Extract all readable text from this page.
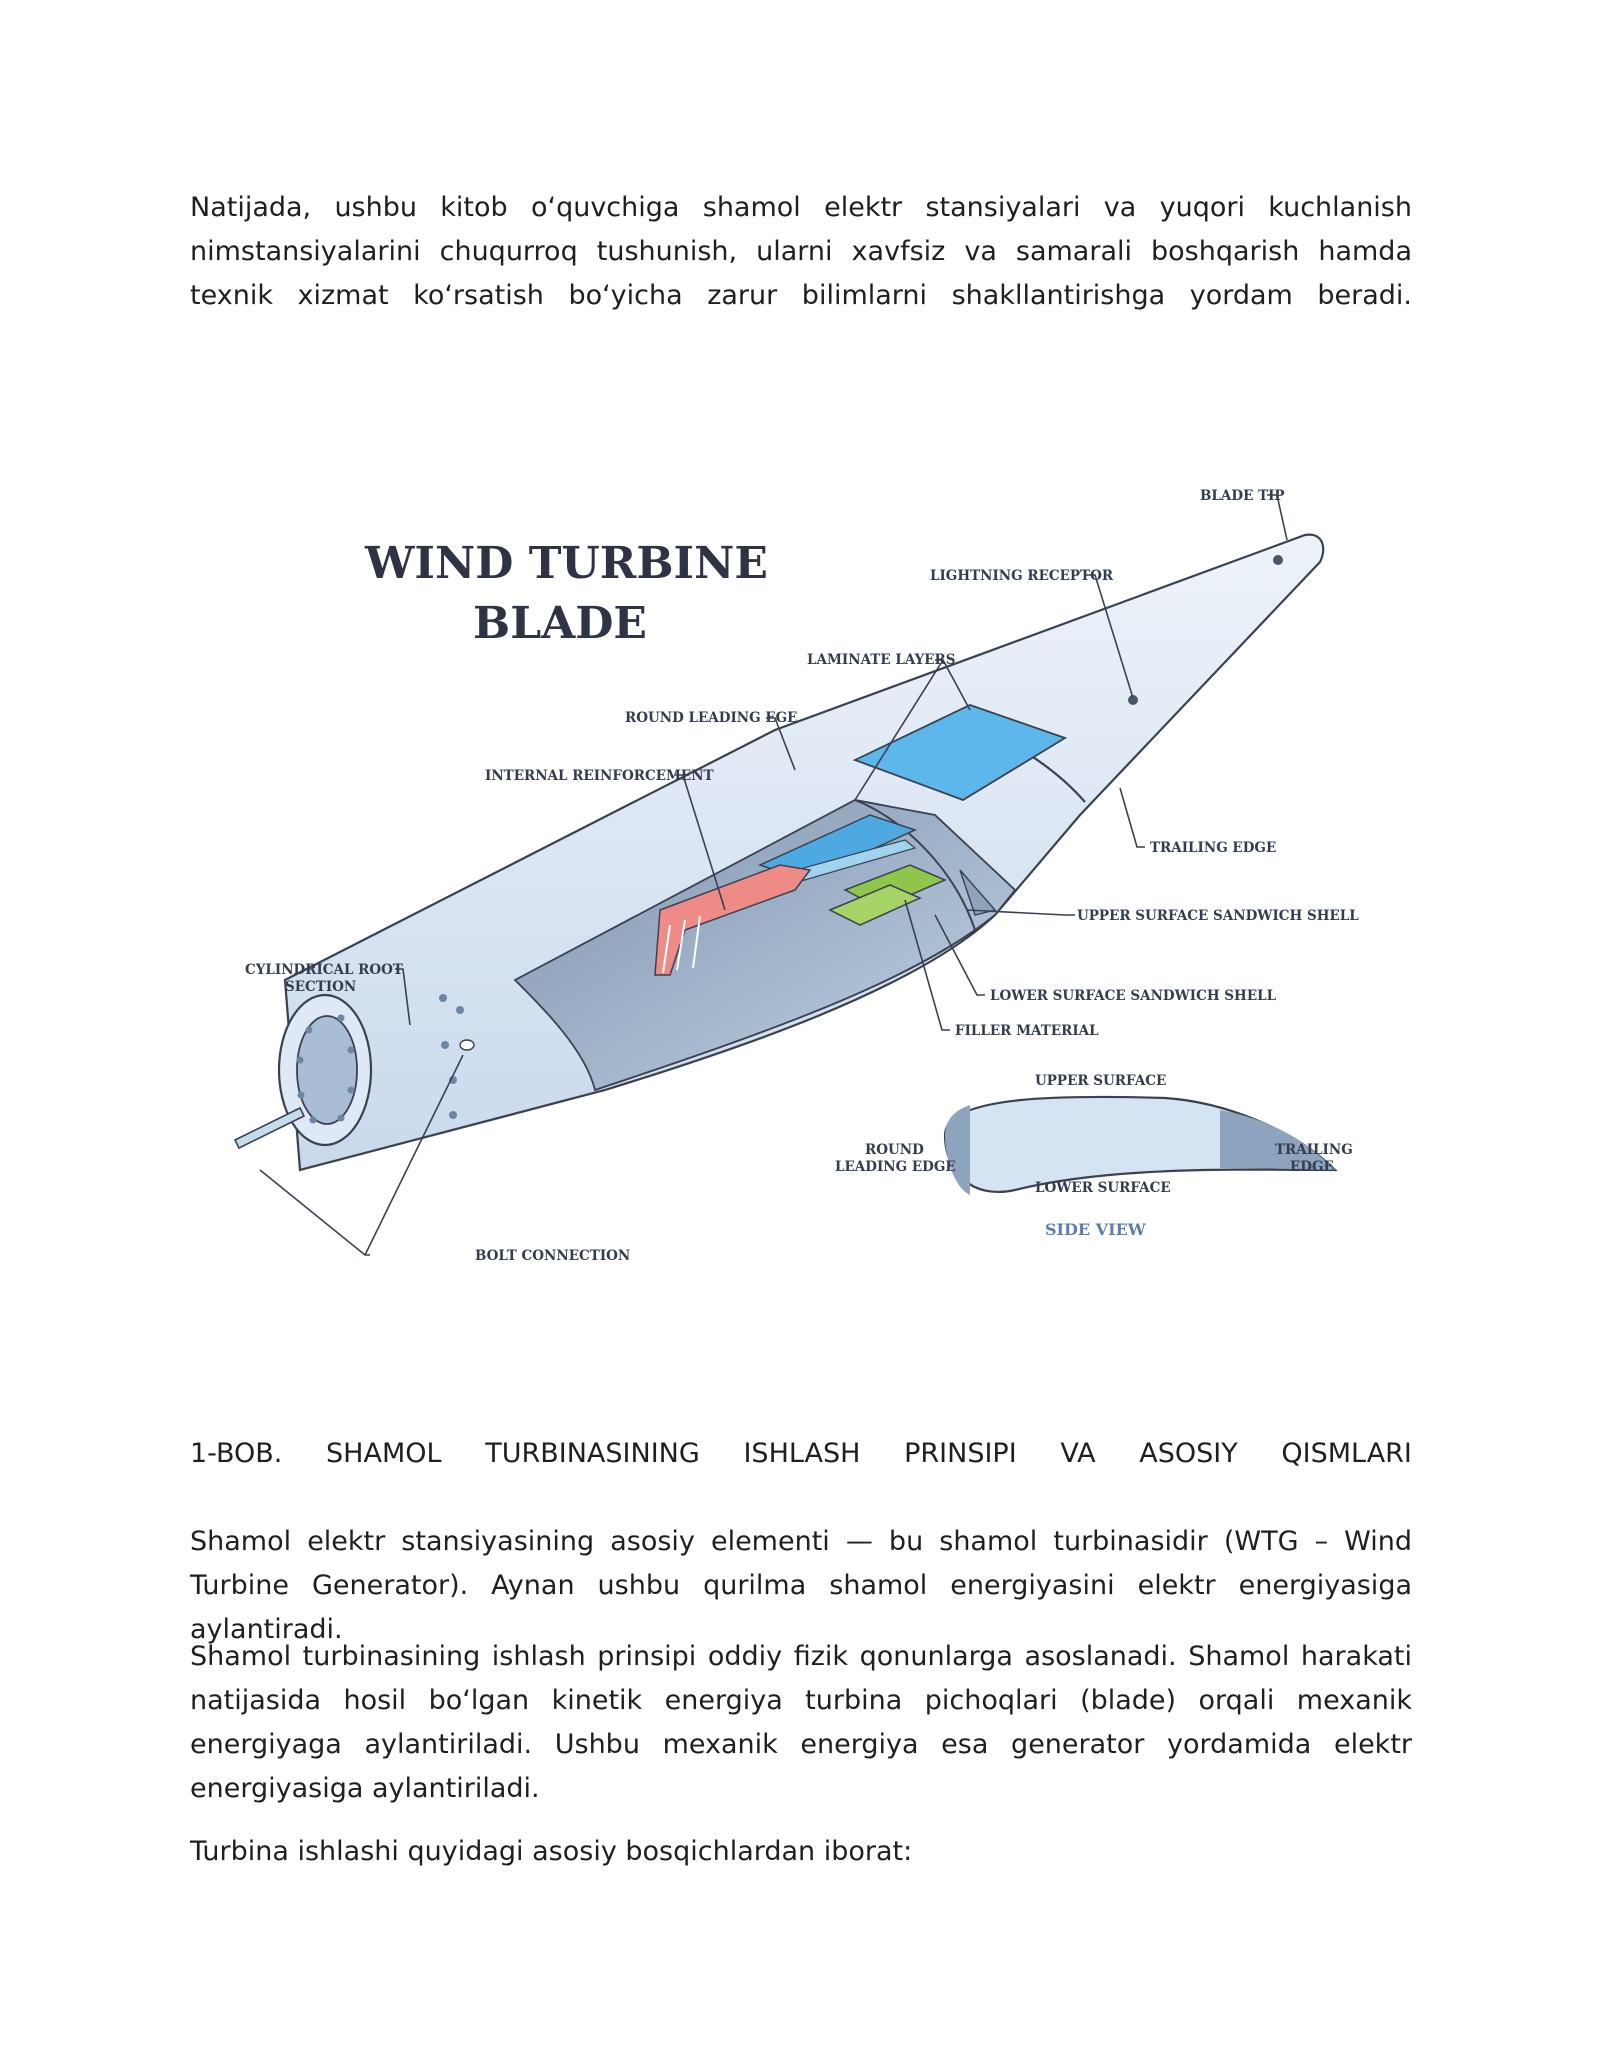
Natijada, ushbu kitob o‘quvchiga shamol elektr stansiyalari va yuqori kuchlanish nimstansiyalarini chuqurroq tushunish, ularni xavfsiz va samarali boshqarish hamda texnik xizmat ko‘rsatish bo‘yicha zarur bilimlarni shakllantirishga yordam beradi.

WIND TURBINE
BLADE
BLADE TIP
LIGHTNING RECEPTOR
LAMINATE LAYERS
ROUND LEADING EGE
INTERNAL REINFORCEMENT
TRAILING EDGE
UPPER SURFACE SANDWICH SHELL
CYLINDRICAL ROOT
SECTION
LOWER SURFACE SANDWICH SHELL
FILLER MATERIAL
BOLT CONNECTION
UPPER SURFACE
LOWER SURFACE
ROUND
LEADING EDGE
TRAILING
EDGE
SIDE VIEW
1-BOB. SHAMOL TURBINASINING ISHLASH PRINSIPI VA ASOSIY QISMLARI

Shamol elektr stansiyasining asosiy elementi — bu shamol turbinasidir (WTG – Wind Turbine Generator). Aynan ushbu qurilma shamol energiyasini elektr energiyasiga aylantiradi.

Shamol turbinasining ishlash prinsipi oddiy fizik qonunlarga asoslanadi. Shamol harakati natijasida hosil bo‘lgan kinetik energiya turbina pichoqlari (blade) orqali mexanik energiyaga aylantiriladi. Ushbu mexanik energiya esa generator yordamida elektr energiyasiga aylantiriladi.

Turbina ishlashi quyidagi asosiy bosqichlardan iborat:
